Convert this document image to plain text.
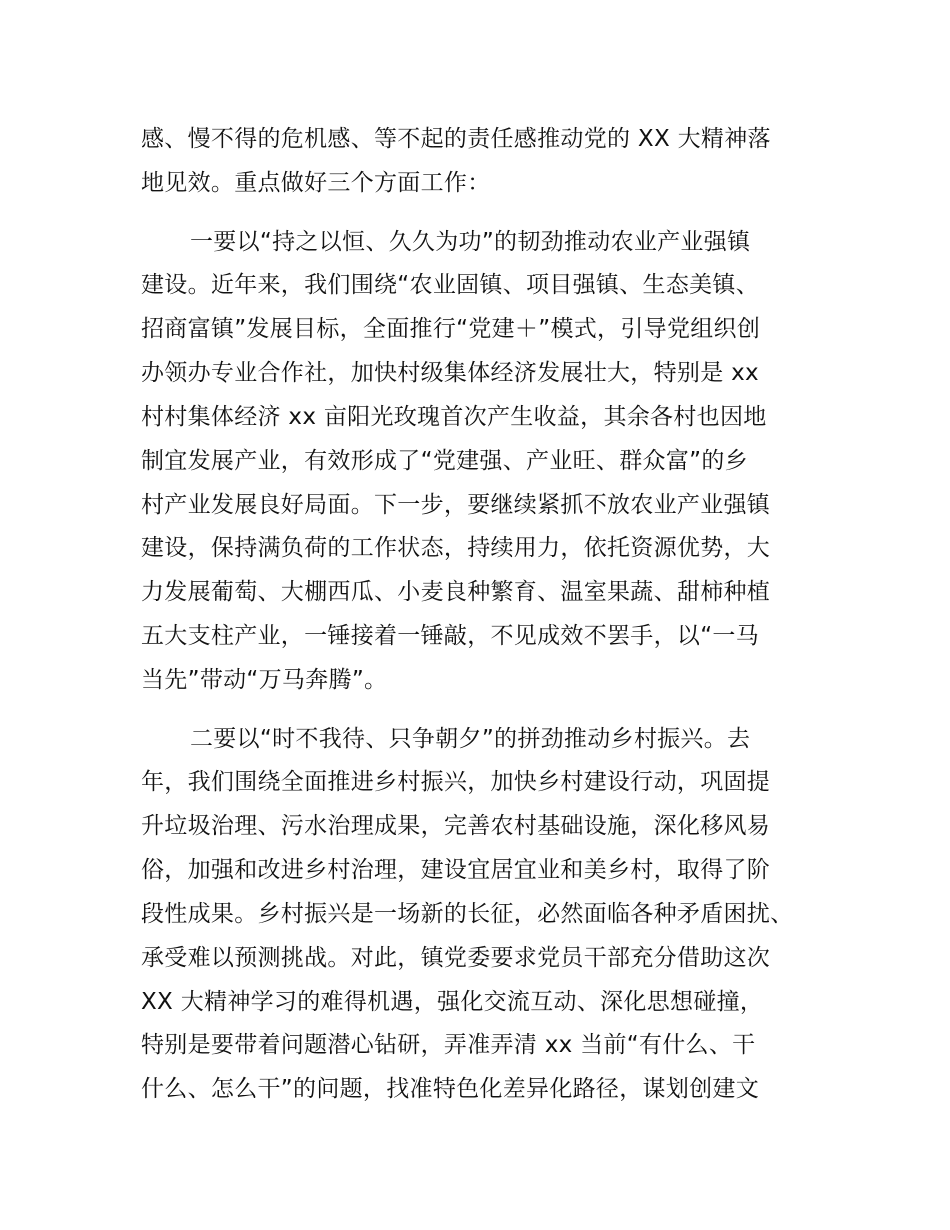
感、慢不得的危机感、等不起的责任感推动党的 XX 大精神落
地见效。重点做好三个方面工作：
一要以“持之以恒、久久为功”的韧劲推动农业产业强镇
建设。近年来，我们围绕“农业固镇、项目强镇、生态美镇、
招商富镇”发展目标，全面推行“党建＋”模式，引导党组织创
办领办专业合作社，加快村级集体经济发展壮大，特别是 xx
村村集体经济 xx 亩阳光玫瑰首次产生收益，其余各村也因地
制宜发展产业，有效形成了“党建强、产业旺、群众富”的乡
村产业发展良好局面。下一步，要继续紧抓不放农业产业强镇
建设，保持满负荷的工作状态，持续用力，依托资源优势，大
力发展葡萄、大棚西瓜、小麦良种繁育、温室果蔬、甜柿种植
五大支柱产业，一锤接着一锤敲，不见成效不罢手，以“一马
当先”带动“万马奔腾”。
二要以“时不我待、只争朝夕”的拼劲推动乡村振兴。去
年，我们围绕全面推进乡村振兴，加快乡村建设行动，巩固提
升垃圾治理、污水治理成果，完善农村基础设施，深化移风易
俗，加强和改进乡村治理，建设宜居宜业和美乡村，取得了阶
段性成果。乡村振兴是一场新的长征，必然面临各种矛盾困扰、
承受难以预测挑战。对此，镇党委要求党员干部充分借助这次
XX 大精神学习的难得机遇，强化交流互动、深化思想碰撞，
特别是要带着问题潜心钻研，弄准弄清 xx 当前“有什么、干
什么、怎么干”的问题，找准特色化差异化路径，谋划创建文
